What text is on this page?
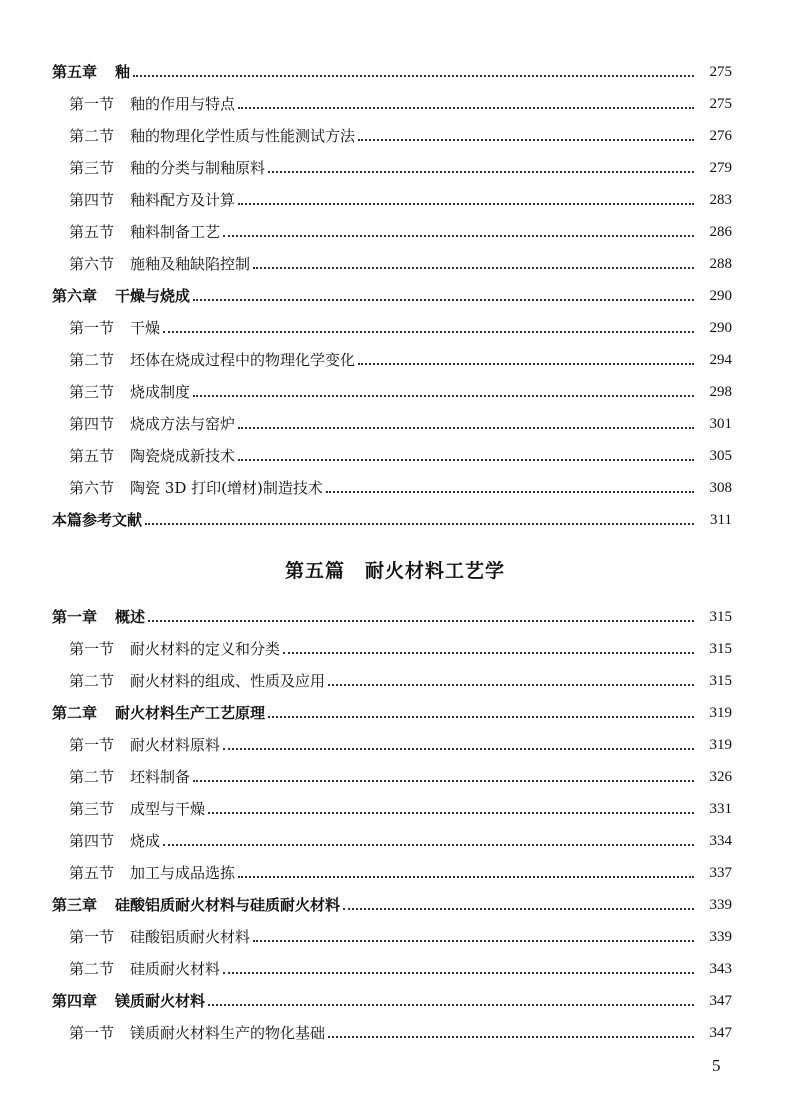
第五章 釉	275
第一节 釉的作用与特点	275
第二节 釉的物理化学性质与性能测试方法	276
第三节 釉的分类与制釉原料	279
第四节 釉料配方及计算	283
第五节 釉料制备工艺	286
第六节 施釉及釉缺陷控制	288
第六章 干燥与烧成	290
第一节 干燥	290
第二节 坯体在烧成过程中的物理化学变化	294
第三节 烧成制度	298
第四节 烧成方法与窑炉	301
第五节 陶瓷烧成新技术	305
第六节 陶瓷 3D 打印(增材)制造技术	308
本篇参考文献	311
第五篇 耐火材料工艺学
第一章 概述	315
第一节 耐火材料的定义和分类	315
第二节 耐火材料的组成、性质及应用	315
第二章 耐火材料生产工艺原理	319
第一节 耐火材料原料	319
第二节 坯料制备	326
第三节 成型与干燥	331
第四节 烧成	334
第五节 加工与成品选拣	337
第三章 硅酸铝质耐火材料与硅质耐火材料	339
第一节 硅酸铝质耐火材料	339
第二节 硅质耐火材料	343
第四章 镁质耐火材料	347
第一节 镁质耐火材料生产的物化基础	347
5
